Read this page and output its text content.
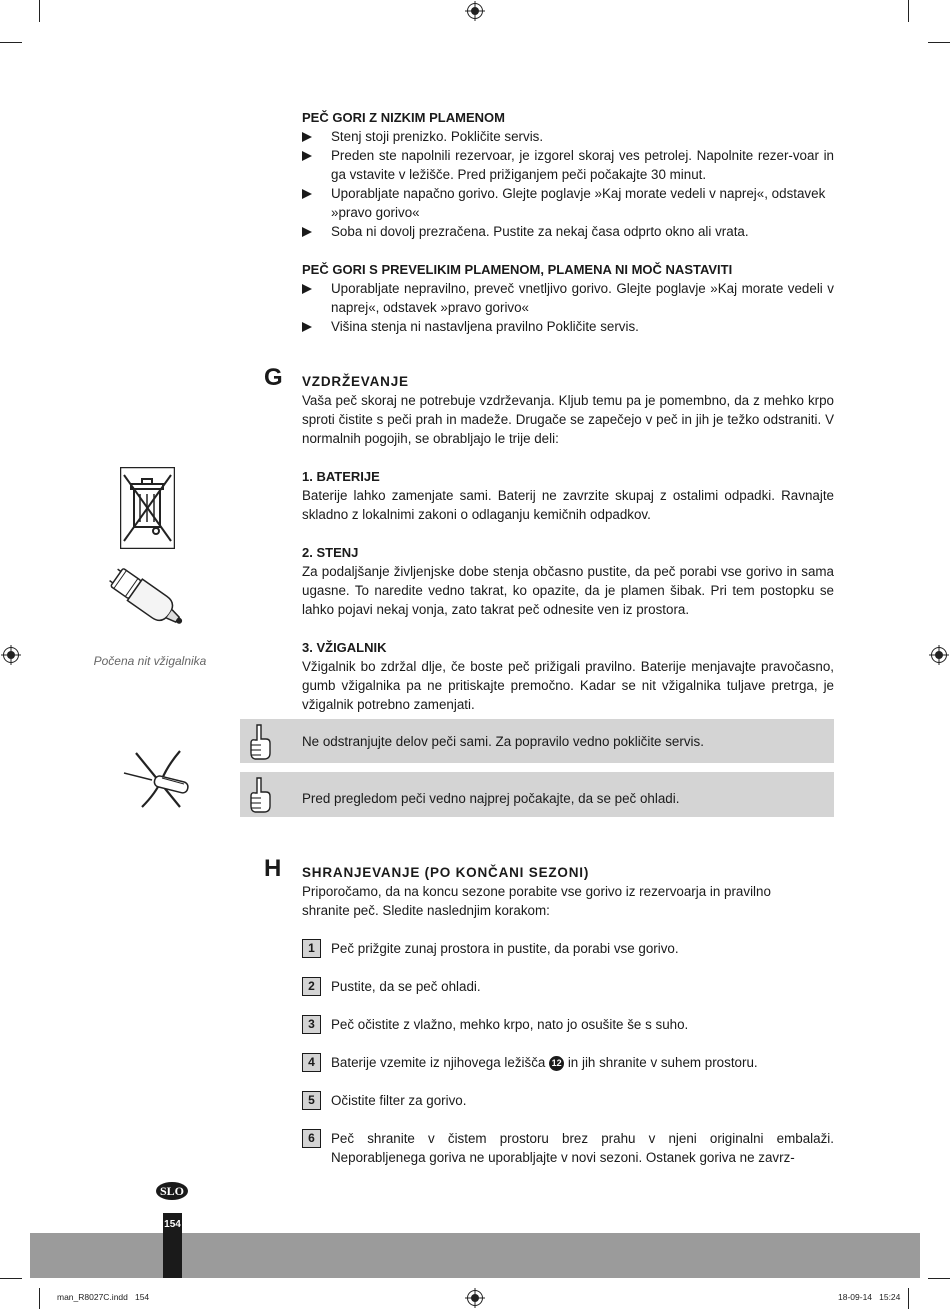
PEČ GORI Z NIZKIM PLAMENOM
Stenj stoji prenizko. Pokličite servis.
Preden ste napolnili rezervoar, je izgorel skoraj ves petrolej. Napolnite rezer-voar in ga vstavite v ležišče. Pred prižiganjem peči počakajte 30 minut.
Uporabljate napačno gorivo. Glejte poglavje »Kaj morate vedeli v naprej«, odstavek »pravo gorivo«
Soba ni dovolj prezračena. Pustite za nekaj časa odprto okno ali vrata.
PEČ GORI S PREVELIKIM PLAMENOM, PLAMENA NI MOČ NASTAVITI
Uporabljate nepravilno, preveč vnetljivo gorivo. Glejte poglavje »Kaj morate vedeli v naprej«, odstavek »pravo gorivo«
Višina stenja ni nastavljena pravilno Pokličite servis.
G VZDRŽEVANJE
Vaša peč skoraj ne potrebuje vzdrževanja. Kljub temu pa je pomembno, da z mehko krpo sproti čistite s peči prah in madeže. Drugače se zapečejo v peč in jih je težko odstraniti. V normalnih pogojih, se obrabljajo le trije deli:
1. BATERIJE
Baterije lahko zamenjate sami. Baterij ne zavrzite skupaj z ostalimi odpadki. Ravnajte skladno z lokalnimi zakoni o odlaganju kemičnih odpadkov.
2. STENJ
Za podaljšanje življenjske dobe stenja občasno pustite, da peč porabi vse gorivo in sama ugasne. To naredite vedno takrat, ko opazite, da je plamen šibak. Pri tem postopku se lahko pojavi nekaj vonja, zato takrat peč odnesite ven iz prostora.
3. VŽIGALNIK
Vžigalnik bo zdržal dlje, če boste peč prižigali pravilno. Baterije menjavajte pravočasno, gumb vžigalnika pa ne pritiskajte premočno. Kadar se nit vžigalnika tuljave pretrga, je vžigalnik potrebno zamenjati.
Počena nit vžigalnika
Ne odstranjujte delov peči sami. Za popravilo vedno pokličite servis.
Pred pregledom peči vedno najprej počakajte, da se peč ohladi.
H SHRANJEVANJE (PO KONČANI SEZONI)
Priporočamo, da na koncu sezone porabite vse gorivo iz rezervoarja in pravilno shranite peč. Sledite naslednjim korakom:
1	Peč prižgite zunaj prostora in pustite, da porabi vse gorivo.
2	Pustite, da se peč ohladi.
3	Peč očistite z vlažno, mehko krpo, nato jo osušite še s suho.
4	Baterije vzemite iz njihovega ležišča 12 in jih shranite v suhem prostoru.
5	Očistite filter za gorivo.
6	Peč shranite v čistem prostoru brez prahu v njeni originalni embalaži. Neporabljenega goriva ne uporabljajte v novi sezoni. Ostanek goriva ne zavrz-
SLO
154
man_R8027C.indd   154	18-09-14   15:24
